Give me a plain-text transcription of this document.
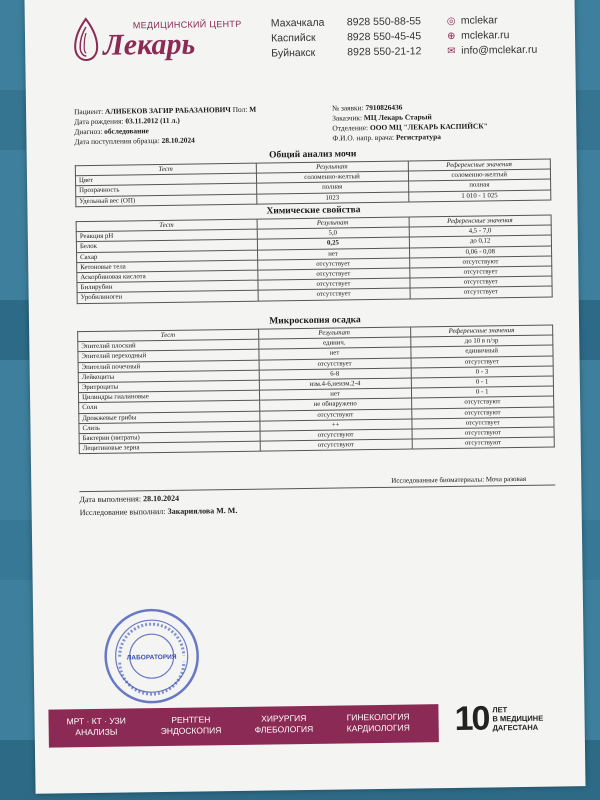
МЕДИЦИНСКИЙ ЦЕНТР
Лекарь
Махачкала	8928 550-88-55	◎ mclekar
Каспийск	8928 550-45-45	⊕ mclekar.ru
Буйнакск	8928 550-21-12	✉ info@mclekar.ru
Пациент: АЛИБЕКОВ ЗАГИР РАБАЗАНОВИЧ Пол: М
Дата рождения: 03.11.2012 (11 л.)
Диагноз: обследование
Дата поступления образца: 28.10.2024
№ заявки: 7910826436
Заказчик: МЦ Лекарь Старый
Отделение: ООО МЦ "ЛЕКАРЬ КАСПИЙСК"
Ф.И.О. напр. врача: Регистратура
Общий анализ мочи
Тест	Результат	Референсные значения
Цвет	соломенно-желтый	соломенно-желтый
Прозрачность	полная	полная
Удельный вес (ОП)	1023	1 010 - 1 025
Химические свойства
Тест	Результат	Референсные значения
Реакция pH	5,0	4,5 - 7,0
Белок	0,25	до 0,12
Сахар	нет	0,06 - 0,08
Кетоновые тела	отсутствует	отсутствуют
Аскорбиновая кислота	отсутствует	отсутствует
Билирубин	отсутствует	отсутствует
Уробилиноген	отсутствует	отсутствует
Микроскопия осадка
Тест	Результат	Референсные значения
Эпителий плоский	единич.	до 10 в п/зр
Эпителий переходный	нет	единичный
Эпителий почечный	отсутствует	отсутствует
Лейкоциты	6-8	0 - 3
Эритроциты	изм.4-6,неизм.2-4	0 - 1
Цилиндры гиалиновые	нет	0 - 1
Соли	не обнаружено	отсутствуют
Дрожжевые грибы	отсутствуют	отсутствуют
Слизь	++	отсутствует
Бактерии (нитраты)	отсутствуют	отсутствуют
Лецитиновые зерна	отсутствуют	отсутствуют
Исследованные биоматериалы: Моча разовая
Дата выполнения: 28.10.2024
Исследование выполнил: Закариялова М. М.
ЛАБОРАТОРИЯ
МРТ · КТ · УЗИ
АНАЛИЗЫ
РЕНТГЕН
ЭНДОСКОПИЯ
ХИРУРГИЯ
ФЛЕБОЛОГИЯ
ГИНЕКОЛОГИЯ
КАРДИОЛОГИЯ 10 ЛЕТ
В МЕДИЦИНЕ
ДАГЕСТАНА
